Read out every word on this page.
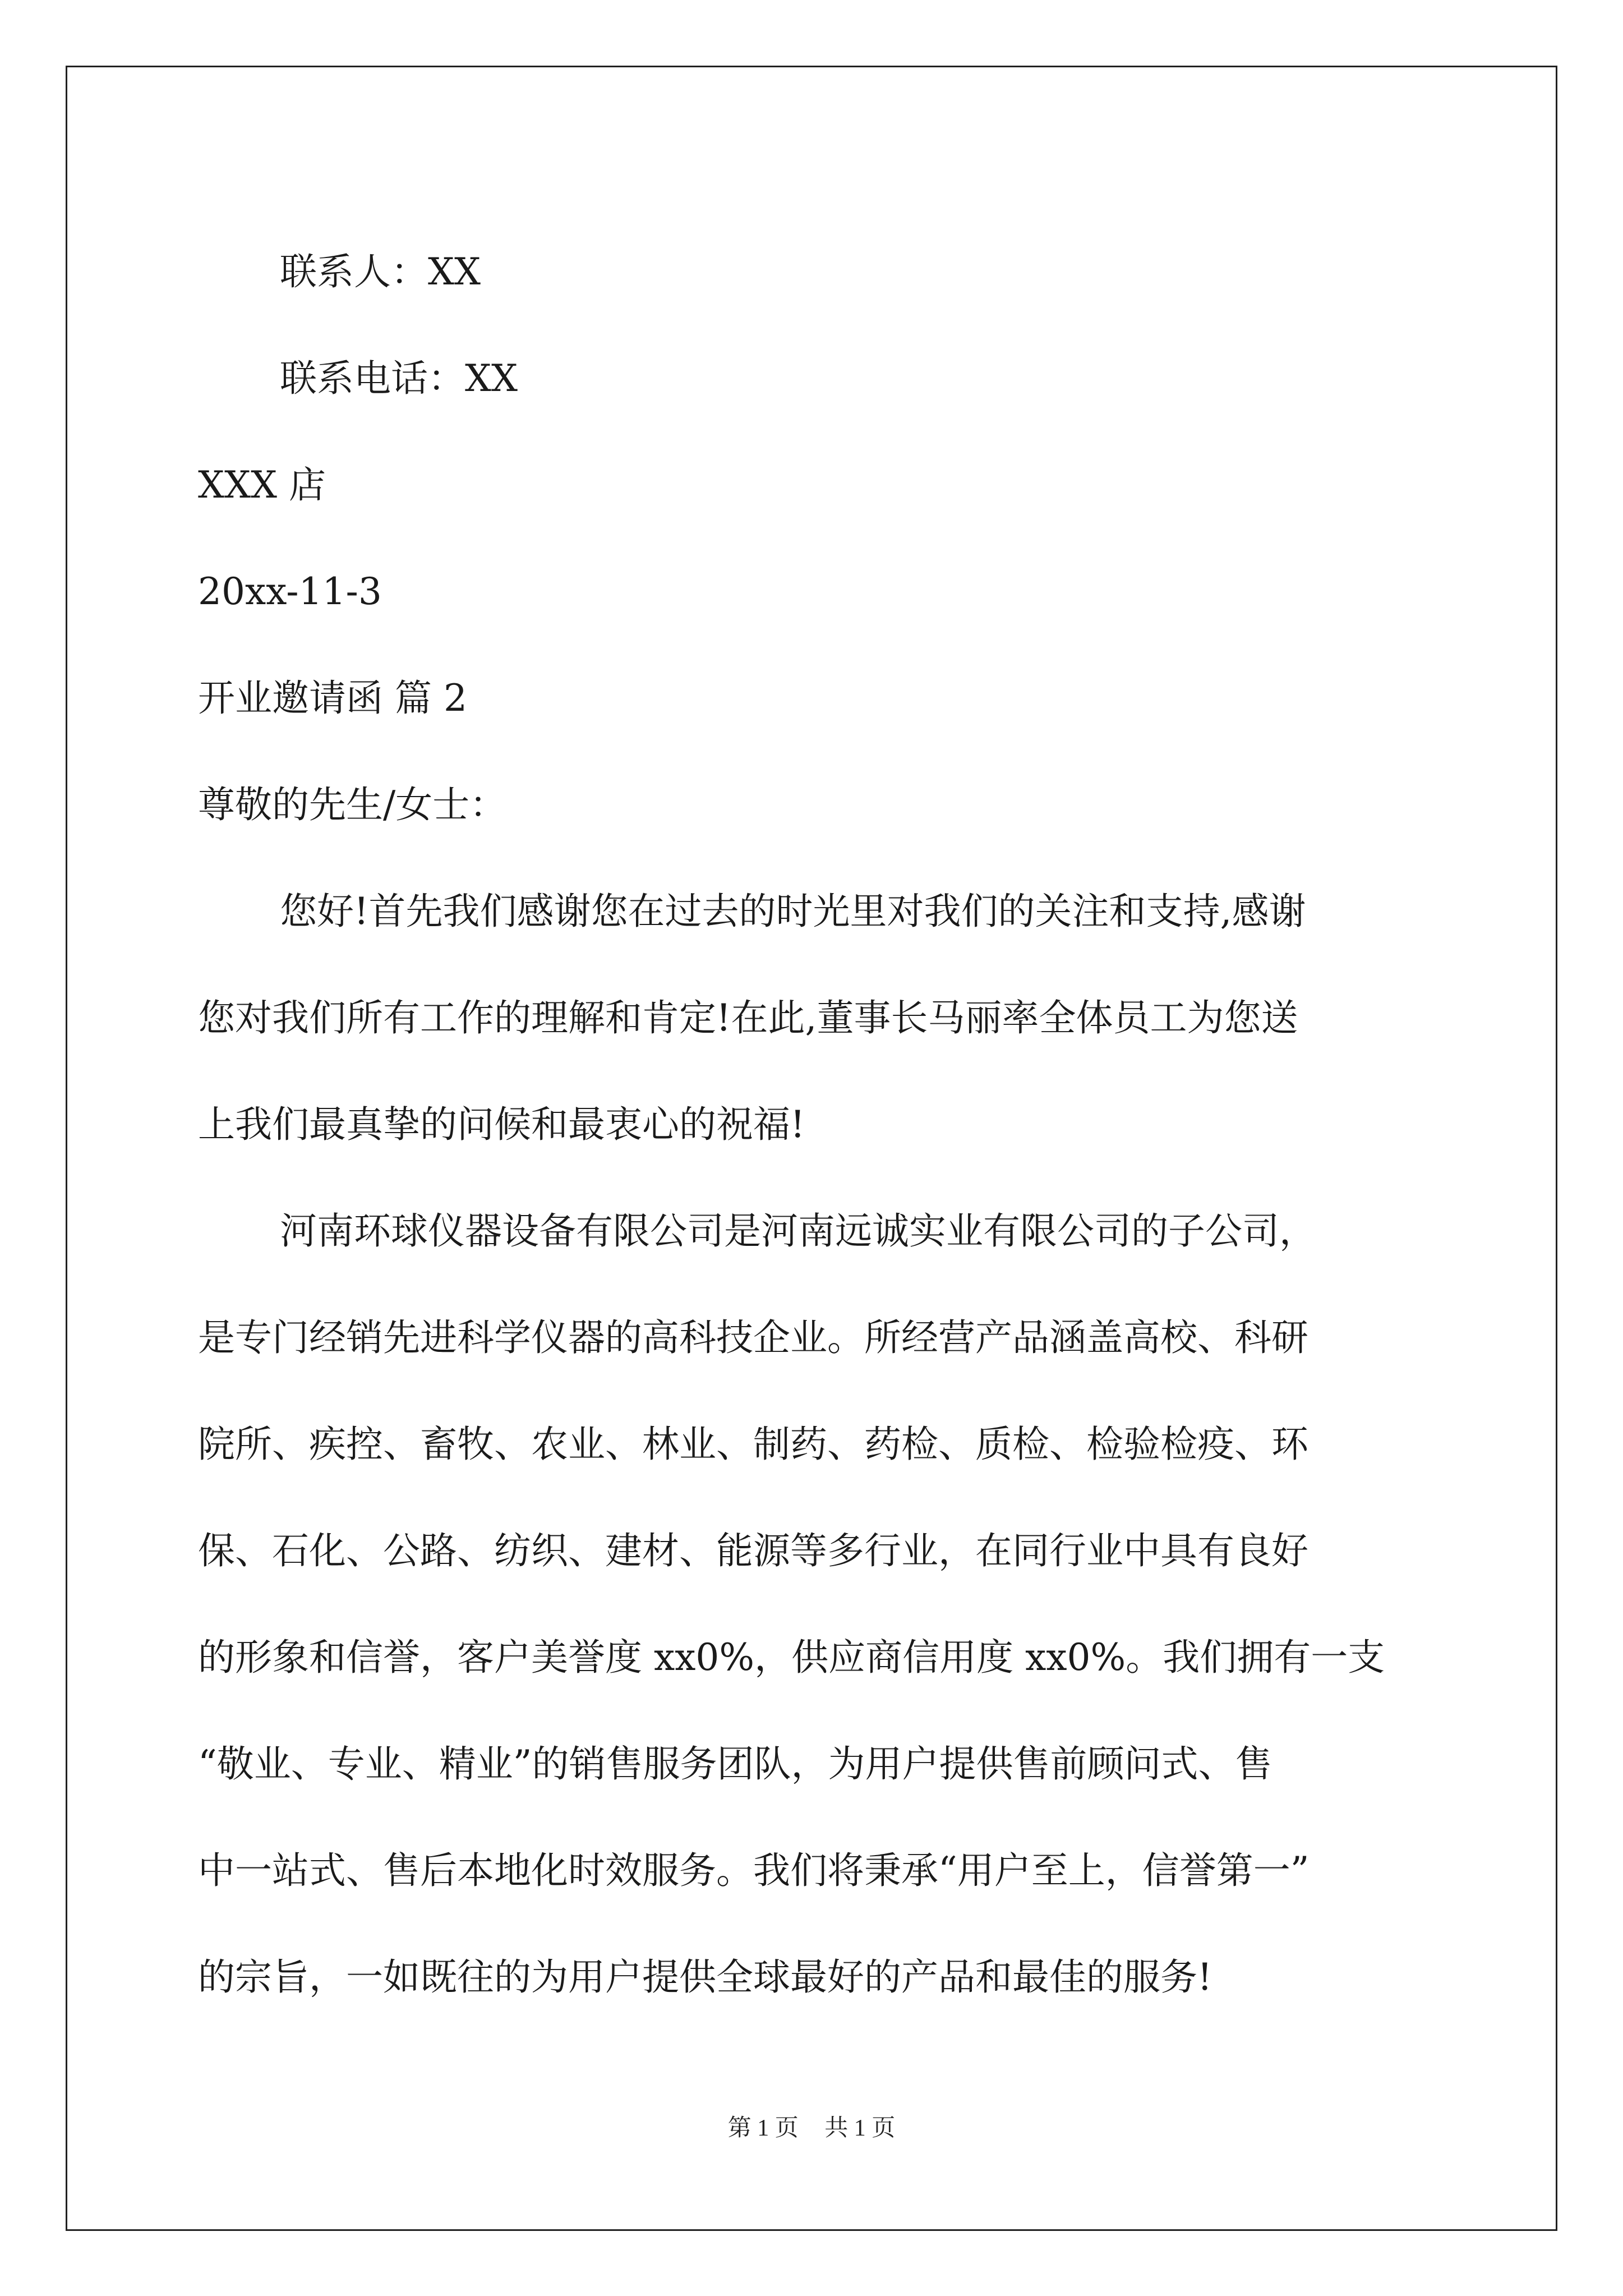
联系人：XX
联系电话：XX
XXX 店
20xx-11-3
开业邀请函 篇 2
尊敬的先生/女士：
您好!首先我们感谢您在过去的时光里对我们的关注和支持,感谢
您对我们所有工作的理解和肯定!在此,董事长马丽率全体员工为您送
上我们最真挚的问候和最衷心的祝福!
河南环球仪器设备有限公司是河南远诚实业有限公司的子公司，
是专门经销先进科学仪器的高科技企业。所经营产品涵盖高校、科研
院所、疾控、畜牧、农业、林业、制药、药检、质检、检验检疫、环
保、石化、公路、纺织、建材、能源等多行业，在同行业中具有良好
的形象和信誉，客户美誉度 xx0%，供应商信用度 xx0%。我们拥有一支
“敬业、专业、精业”的销售服务团队，为用户提供售前顾问式、售
中一站式、售后本地化时效服务。我们将秉承“用户至上，信誉第一”
的宗旨，一如既往的为用户提供全球最好的产品和最佳的服务!
第 1 页 共 1 页
